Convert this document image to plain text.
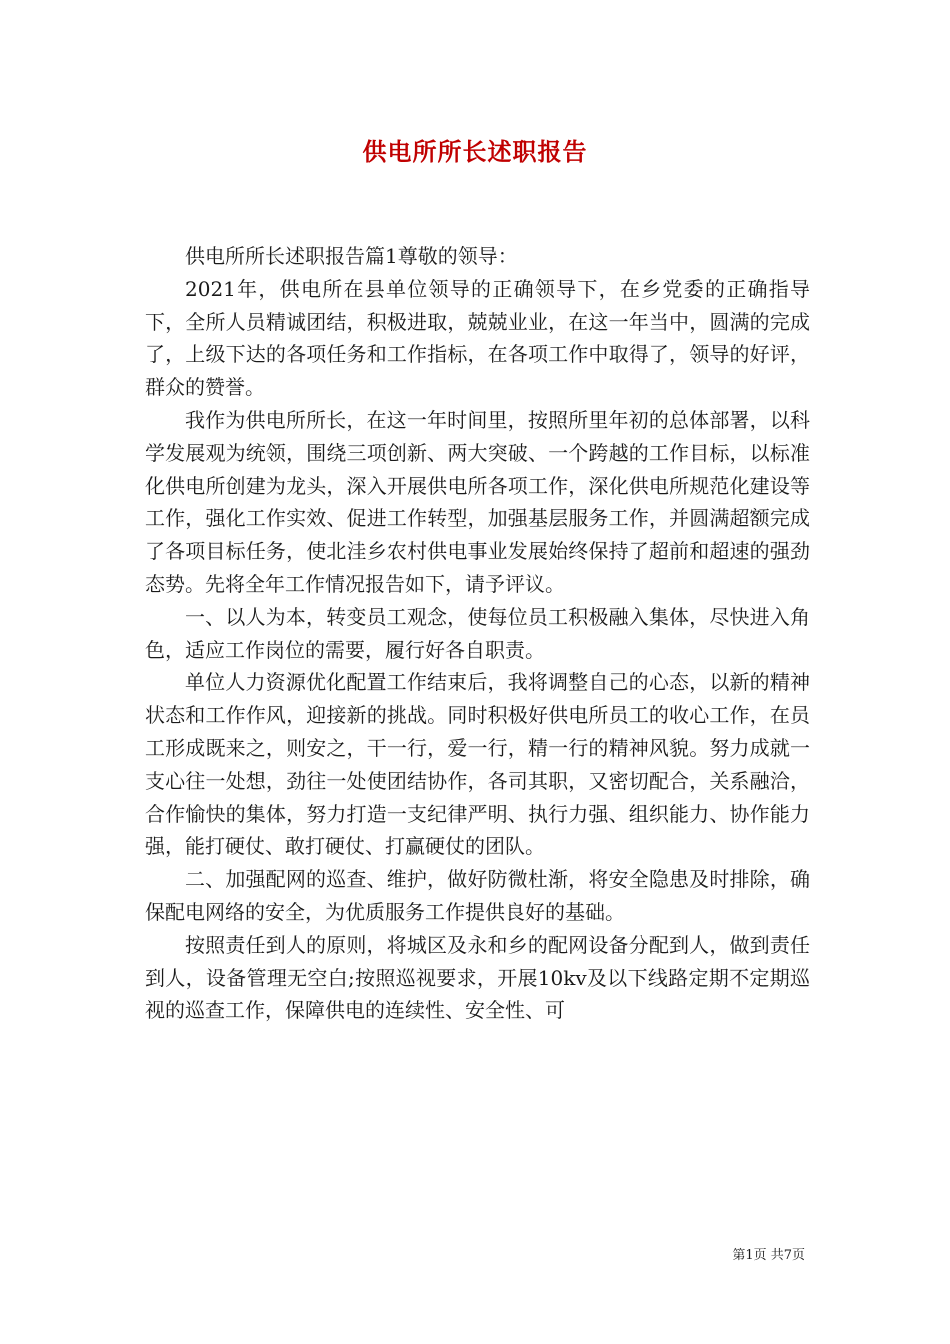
供电所所长述职报告

供电所所长述职报告篇1尊敬的领导：

2021年，供电所在县单位领导的正确领导下，在乡党委的正确指导下，全所人员精诚团结，积极进取，兢兢业业，在这一年当中，圆满的完成了，上级下达的各项任务和工作指标，在各项工作中取得了，领导的好评，群众的赞誉。

我作为供电所所长，在这一年时间里，按照所里年初的总体部署，以科学发展观为统领，围绕三项创新、两大突破、一个跨越的工作目标，以标准化供电所创建为龙头，深入开展供电所各项工作，深化供电所规范化建设等工作，强化工作实效、促进工作转型，加强基层服务工作，并圆满超额完成了各项目标任务，使北洼乡农村供电事业发展始终保持了超前和超速的强劲态势。先将全年工作情况报告如下，请予评议。

一、以人为本，转变员工观念，使每位员工积极融入集体，尽快进入角色，适应工作岗位的需要，履行好各自职责。

单位人力资源优化配置工作结束后，我将调整自己的心态，以新的精神状态和工作作风，迎接新的挑战。同时积极好供电所员工的收心工作，在员工形成既来之，则安之，干一行，爱一行，精一行的精神风貌。努力成就一支心往一处想，劲往一处使团结协作，各司其职，又密切配合，关系融洽，合作愉快的集体，努力打造一支纪律严明、执行力强、组织能力、协作能力强，能打硬仗、敢打硬仗、打赢硬仗的团队。

二、加强配网的巡查、维护，做好防微杜渐，将安全隐患及时排除，确保配电网络的安全，为优质服务工作提供良好的基础。

按照责任到人的原则，将城区及永和乡的配网设备分配到人，做到责任到人，设备管理无空白;按照巡视要求，开展10kv及以下线路定期不定期巡视的巡查工作，保障供电的连续性、安全性、可

第1页 共7页
